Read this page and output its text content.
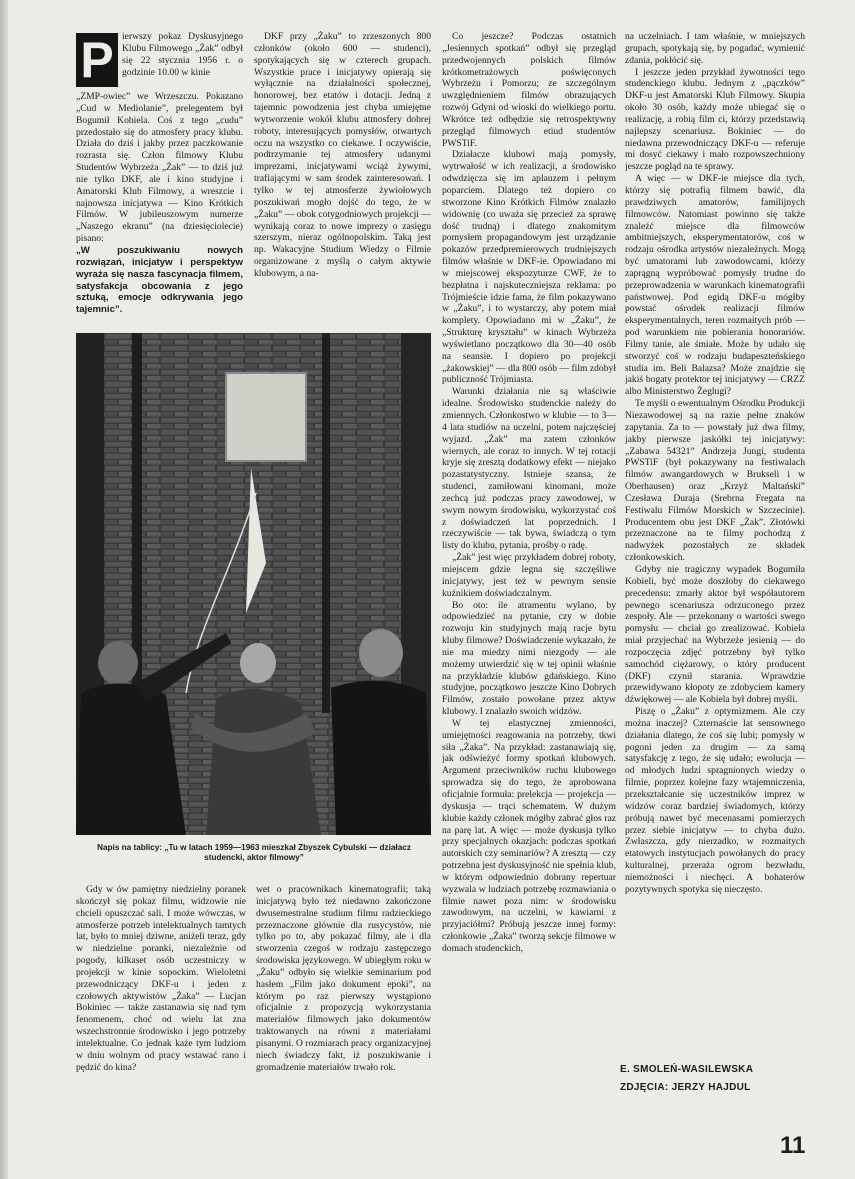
P ierwszy pokaz Dyskusyjnego Klubu Filmowego „Żak” odbył się 22 stycznia 1956 r. o godzinie 10.00 w kinie

„ZMP-owiec” we Wrzeszczu. Pokazano „Cud w Mediolanie”, prelegentem był Bogumił Kobiela. Coś z tego „cudu” przedostało się do atmosfery pracy klubu. Działa do dziś i jakby przez paczkowanie rozrasta się. Człon filmowy Klubu Studentów Wybrzeża „Żak” — to dziś już nie tylko DKF, ale i kino studyjne i Amatorski Klub Filmowy, a wreszcie i najnowsza inicjatywa — Kino Krótkich Filmów. W jubileuszowym numerze „Naszego ekranu” (na dziesięciolecie) pisano:

„W poszukiwaniu nowych rozwiązań, inicjatyw i perspektyw wyraża się nasza fascynacja filmem, satysfakcja obcowania z jego sztuką, emocje odkrywania jego tajemnic”.

DKF przy „Żaku” to zrzeszonych 800 członków (około 600 — studenci), spotykających się w czterech grupach. Wszystkie prace i inicjatywy opierają się wyłącznie na działalności społecznej, honorowej, bez etatów i dotacji. Jedną z tajemnic powodzenia jest chyba umiejętne wytworzenie wokół klubu atmosfery dobrej roboty, interesujących pomysłów, otwartych oczu na wszystko co ciekawe. I oczywiście, podtrzymanie tej atmosfery udanymi imprezami, inicjatywami wciąż żywymi, trafiającymi w sam środek zainteresowań. I tylko w tej atmosferze żywiołowych poszukiwań mogło dojść do tego, że w „Żaku” — obok cotygodniowych projekcji — wynikają coraz to nowe imprezy o zasięgu szerszym, nieraz ogólnopolskim. Taką jest np. Wakacyjne Studium Wiedzy o Filmie organizowane z myślą o całym aktywie klubowym, a na-

Napis na tablicy: „Tu w latach 1959—1963 mieszkał Zbyszek Cybulski — działacz studencki, aktor filmowy”

Gdy w ów pamiętny niedzielny poranek skończył się pokaz filmu, widzowie nie chcieli opuszczać sali. I może wówczas, w atmosferze potrzeb intelektualnych tamtych lat, było to mniej dziwne, aniżeli teraz, gdy w niedzielne poranki, niezależnie od pogody, kilkaset osób uczestniczy w projekcji w kinie sopockim. Wieloletni przewodniczący DKF-u i jeden z czołowych aktywistów „Żaka” — Lucjan Bokiniec — także zastanawia się nad tym fenomenem, choć od wielu lat zna wszechstronnie środowisko i jego potrzeby intelektualne. Co jednak każe tym ludziom w dniu wolnym od pracy wstawać rano i pędzić do kina?

wet o pracownikach kinematografii; taką inicjatywą było też niedawno zakończone dwusemestralne studium filmu radzieckiego przeznaczone głównie dla rusycystów, nie tylko po to, aby pokazać filmy, ale i dla stworzenia czegoś w rodzaju zastępczego środowiska językowego. W ubiegłym roku w „Żaku” odbyło się wielkie seminarium pod hasłem „Film jako dokument epoki”, na którym po raz pierwszy wystąpiono oficjalnie z propozycją wykorzystania materiałów filmowych jako dokumentów traktowanych na równi z materiałami pisanymi. O rozmiarach pracy organizacyjnej niech świadczy fakt, iż poszukiwanie i gromadzenie materiałów trwało rok.

Co jeszcze? Podczas ostatnich „Jesiennych spotkań” odbył się przegląd przedwojennych polskich filmów krótkometrażowych poświęconych Wybrzeżu i Pomorzu; ze szczególnym uwzględnieniem filmów obrazujących rozwój Gdyni od wioski do wielkiego portu. Wkrótce też odbędzie się retrospektywny przegląd filmowych etiud studentów PWSTiF.

Działacze klubowi mają pomysły, wytrwałość w ich realizacji, a środowisko odwdzięcza się im aplauzem i pełnym poparciem. Dlatego też dopiero co stworzone Kino Krótkich Filmów znalazło widownię (co uważa się przecież za sprawę dość trudną) i dlatego znakomitym pomysłem propagandowym jest urządzanie pokazów przedpremierowych trudniejszych filmów właśnie w DKF-ie. Opowiadano mi w miejscowej ekspozyturze CWF, że to bezpłatna i najskuteczniejsza reklama: po Trójmieście idzie fama, że film pokazywano w „Żaku”, i to wystarczy, aby potem miał komplety. Opowiadano mi w „Żaku”, że „Strukturę kryształu” w kinach Wybrzeża wyświetlano początkowo dla 30—40 osób na seansie. I dopiero po projekcji „żakowskiej” — dla 800 osób — film zdobył publiczność Trójmiasta.

Warunki działania nie są właściwie idealne. Środowisko studenckie należy do zmiennych. Członkostwo w klubie — to 3—4 lata studiów na uczelni, potem najczęściej wyjazd. „Żak” ma zatem członków wiernych, ale coraz to innych. W tej rotacji kryje się zresztą dodatkowy efekt — niejako pozastatystyczny. Istnieje szansa, że studenci, zamiłowani kinomani, może zechcą już podczas pracy zawodowej, w swym nowym środowisku, wykorzystać coś z doświadczeń lat poprzednich. I rzeczywiście — tak bywa, świadczą o tym listy do klubu, pytania, prośby o radę.

„Żak” jest więc przykładem dobrej roboty, miejscem gdzie legna się szczęśliwe inicjatywy, jest też w pewnym sensie kuźnikiem doświadczalnym.

Bo oto: ile atramentu wylano, by odpowiedzieć na pytanie, czy w dobie rozwoju kin studyjnych mają racje bytu kluby filmowe? Doświadczenie wykazało, że nie ma miedzy nimi niezgody — ale możemy utwierdzić się w tej opinii właśnie na przykładzie klubów gdańskiego. Kino studyjne, początkowo jeszcze Kino Dobrych Filmów, zostało powołane przez aktyw klubowy. I znalazło swoich widzów.

W tej elastycznej zmienności, umiejętności reagowania na potrzeby, tkwi siła „Żaka”. Na przykład: zastanawiają się, jak odświeżyć formy spotkań klubowych. Argument przeciwników ruchu klubowego sprowadza się do tego, że aprobowana oficjalnie formuła: prelekcja — projekcja — dyskusja — trąci schematem. W dużym klubie każdy członek mógłby zabrać głos raz na parę lat. A więc — może dyskusja tylko przy specjalnych okazjach: podczas spotkań autorskich czy seminariów? A zresztą — czy potrzebna jest dyskusyjność nie spełnia klub, w którym odpowiednio dobrany repertuar wyzwala w ludziach potrzebę rozmawiania o filmie nawet poza nim: w środowisku zawodowym, na uczelni, w kawiarni z przyjaciółmi? Próbują jeszcze innej formy: członkowie „Żaka” tworzą sekcje filmowe w domach studenckich,

na uczelniach. I tam właśnie, w mniejszych grupach, spotykają się, by pogadać, wymienić zdania, pokłócić się.

I jeszcze jeden przykład żywotności tego studenckiego klubu. Jednym z „pączków” DKF-u jest Amatorski Klub Filmowy. Skupia około 30 osób, każdy może ubiegać się o realizację, a robią film ci, którzy przedstawią najlepszy scenariusz. Bokiniec — do niedawna przewodniczący DKF-u — referuje mi dosyć ciekawy i mało rozpowszechniony jeszcze pogląd na te sprawy.

A więc — w DKF-ie miejsce dla tych, którzy się potrafią filmem bawić, dla prawdziwych amatorów, familijnych filmowców. Natomiast powinno się także znaleźć miejsce dla filmowców ambitniejszych, eksperymentatorów, coś w rodzaju ośrodka artystów niezależnych. Mogą być umatorami lub zawodowcami, którzy zaprągną wypróbować pomysły trudne do przeprowadzenia w warunkach kinematografii państwowej. Pod egidą DKF-u mógłby powstać ośrodek realizacji filmów eksperymentalnych, teren rozmaitych prób — pod warunkiem nie pobierania honorariów. Filmy tanie, ale śmiałe. Może by udało się stworzyć coś w rodzaju budapeszteńskiego studia im. Beli Balazsa? Może znajdzie się jakiś bogaty protektor tej inicjatywy — CRZZ albo Ministerstwo Żeglugi?

Te myśli o ewentualnym Ośrodku Produkcji Niezawodowej są na razie pełne znaków zapytania. Za to — powstały już dwa filmy, jakby pierwsze jaskółki tej inicjatywy: „Zabawa 54321” Andrzeja Jungi, studenta PWSTiF (był pokazywany na festiwalach filmów awangardowych w Brukseli i w Oberhausen) oraz „Krzyż Maltański” Czesława Duraja (Srebrna Fregata na Festiwalu Filmów Morskich w Szczecinie). Producentem obu jest DKF „Żak”. Złotówki przeznaczone na te filmy pochodzą z nadwyżek pozostałych ze składek członkowskich.

Gdyby nie tragiczny wypadek Bogumiła Kobieli, być może doszłoby do ciekawego precedensu: zmarły aktor był współautorem pewnego scenariusza odrzuconego przez zespoły. Ale — przekonany o wartości swego pomysłu — chciał go zrealizować. Kobiela miał przyjechać na Wybrzeże jesienią — do rozpoczęcia zdjęć potrzebny był tylko samochód ciężarowy, o który producent (DKF) czynił starania. Wprawdzie przewidywano kłopoty ze zdobyciem kamery dźwiękowej — ale Kobiela był dobrej myśli.

Piszę o „Żaku” z optymizmem. Ale czy można inaczej? Czternaście lat sensownego działania dlatego, że coś się lubi; pomysły w pogoni jeden za drugim — za samą satysfakcję z tego, że się udało; ewolucja — od młodych ludzi spragnionych wiedzy o filmie, poprzez kolejne fazy wtajemniczenia, przekształcanie się uczestników imprez w widzów coraz bardziej świadomych, którzy próbują nawet być mecenasami pomierzych przez siebie inicjatyw — to chyba dużo. Zwłaszcza, gdy nierzadko, w rozmaitych etatowych instytucjach powołanych do pracy kulturalnej, przeraża ogrom bezwładu, niemożności i niechęci. A bohaterów pozytywnych spotyka się nieczęsto.

E. SMOLEŃ-WASILEWSKA
ZDJĘCIA: JERZY HAJDUL
11
